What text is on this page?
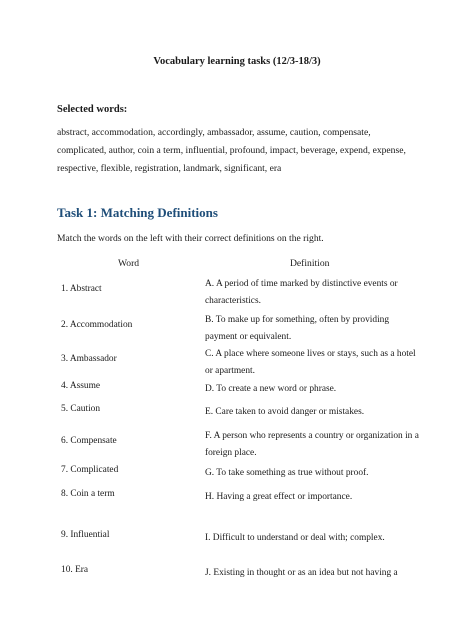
Vocabulary learning tasks (12/3-18/3)
Selected words:
abstract, accommodation, accordingly, ambassador, assume, caution, compensate, complicated, author, coin a term, influential, profound, impact, beverage, expend, expense, respective, flexible, registration, landmark, significant, era
Task 1: Matching Definitions
Match the words on the left with their correct definitions on the right.
Word	Definition
1. Abstract	A. A period of time marked by distinctive events or characteristics.
2. Accommodation	B. To make up for something, often by providing payment or equivalent.
3. Ambassador	C. A place where someone lives or stays, such as a hotel or apartment.
4. Assume	D. To create a new word or phrase.
5. Caution	E. Care taken to avoid danger or mistakes.
6. Compensate	F. A person who represents a country or organization in a foreign place.
7. Complicated	G. To take something as true without proof.
8. Coin a term	H. Having a great effect or importance.
9. Influential	I. Difficult to understand or deal with; complex.
10. Era	J. Existing in thought or as an idea but not having a
